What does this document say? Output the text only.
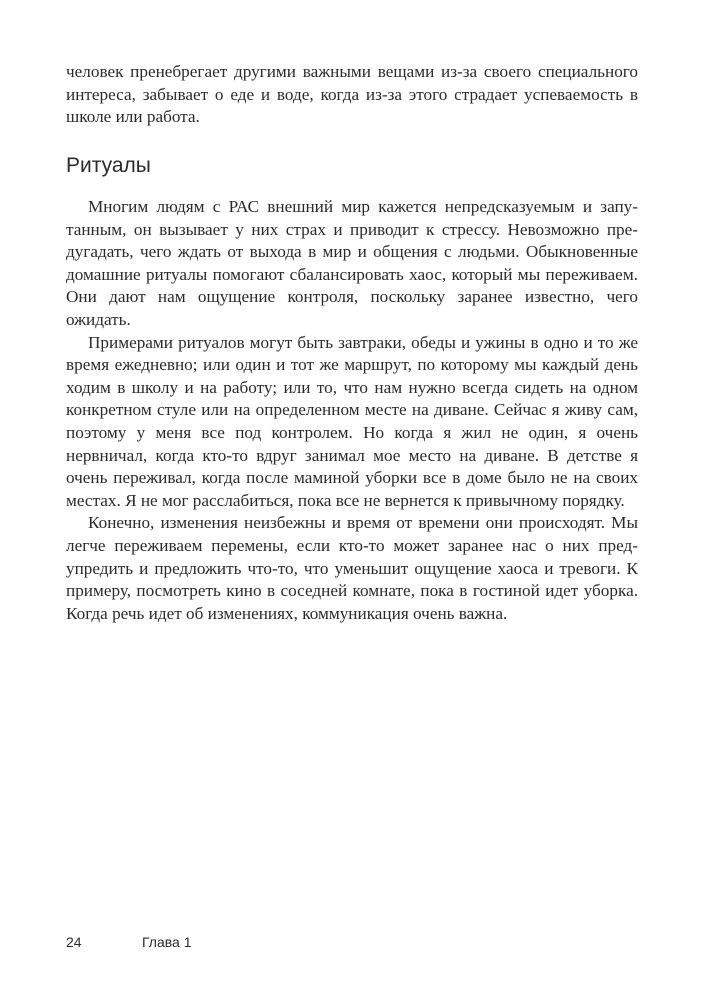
человек пренебрегает другими важными вещами из-за своего специального интереса, забывает о еде и воде, когда из-за этого страдает успеваемость в школе или работа.

Ритуалы

Многим людям с РАС внешний мир кажется непредсказуемым и запутанным, он вызывает у них страх и приводит к стрессу. Невозможно предугадать, чего ждать от выхода в мир и общения с людьми. Обыкновенные домашние ритуалы помогают сбалансировать хаос, который мы переживаем. Они дают нам ощущение контроля, поскольку заранее известно, чего ожидать.

Примерами ритуалов могут быть завтраки, обеды и ужины в одно и то же время ежедневно; или один и тот же маршрут, по которому мы каждый день ходим в школу и на работу; или то, что нам нужно всегда сидеть на одном конкретном стуле или на определенном месте на диване. Сейчас я живу сам, поэтому у меня все под контролем. Но когда я жил не один, я очень нервничал, когда кто-то вдруг занимал мое место на диване. В детстве я очень переживал, когда после маминой уборки все в доме было не на своих местах. Я не мог расслабиться, пока все не вернется к привычному порядку.

Конечно, изменения неизбежны и время от времени они происходят. Мы легче переживаем перемены, если кто-то может заранее нас о них предупредить и предложить что-то, что уменьшит ощущение хаоса и тревоги. К примеру, посмотреть кино в соседней комнате, пока в гостиной идет уборка. Когда речь идет об изменениях, коммуникация очень важна.

24	Глава 1
